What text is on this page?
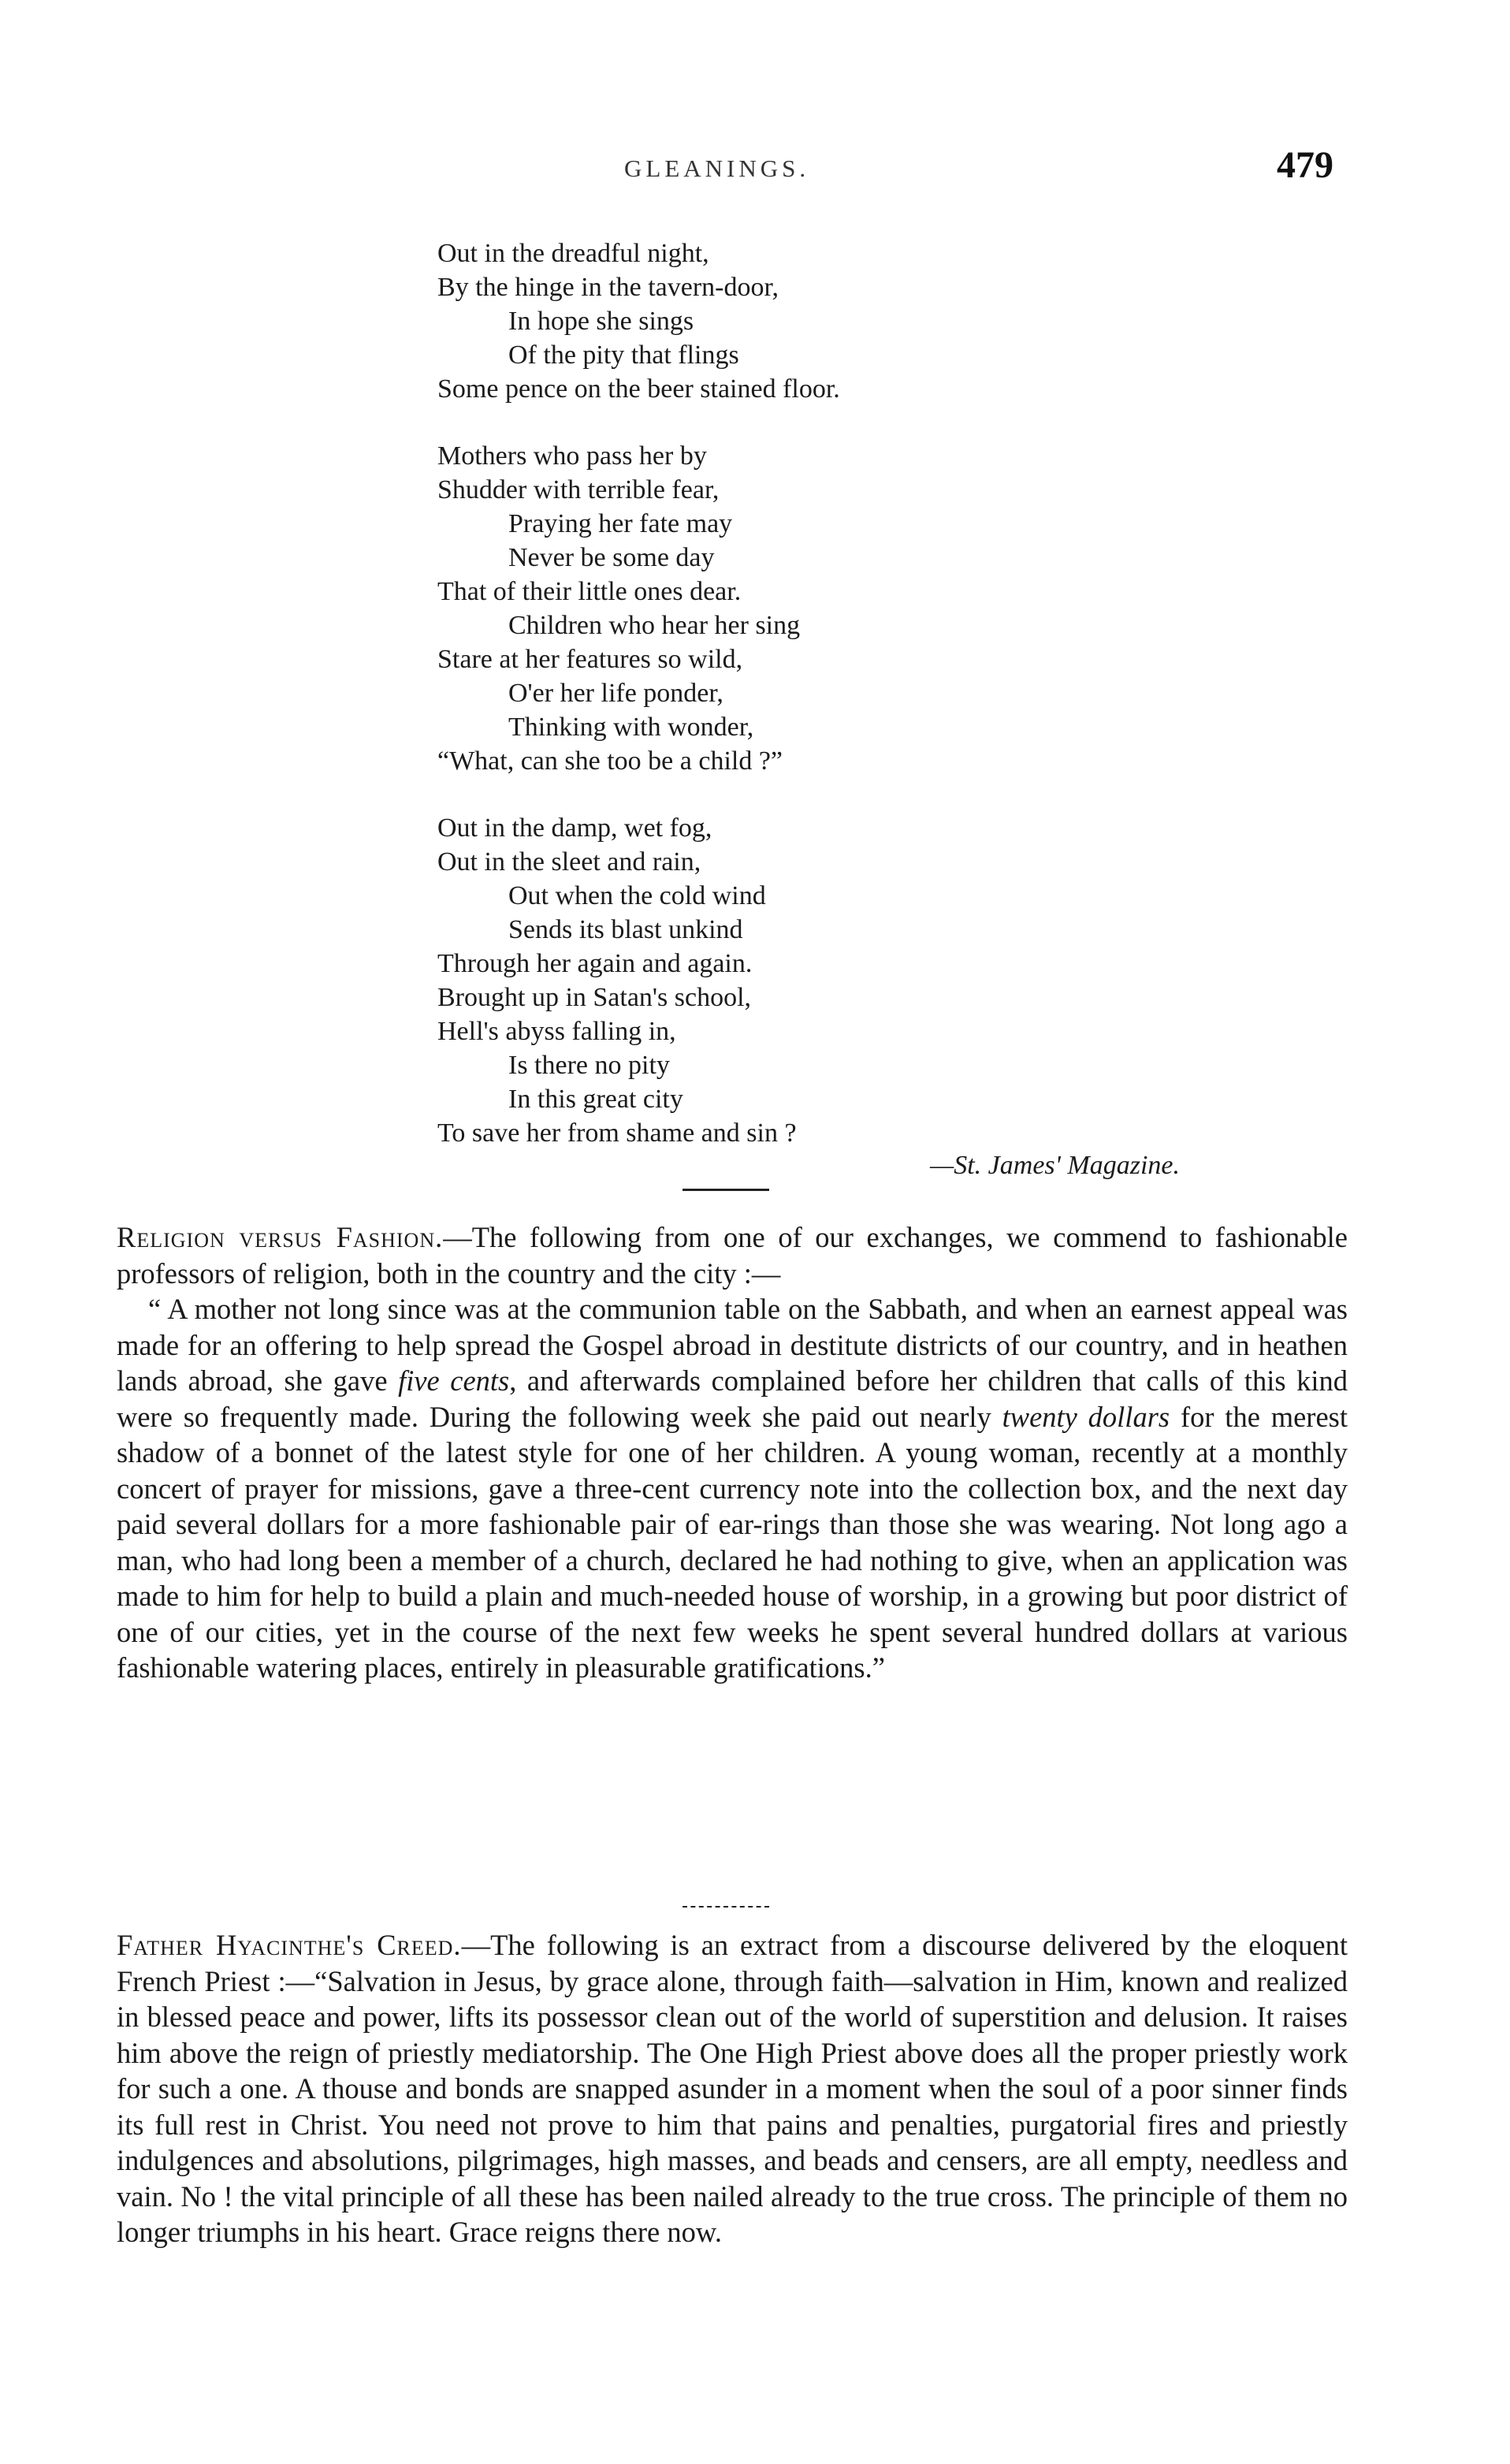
GLEANINGS.	479
Out in the dreadful night,
By the hinge in the tavern-door,
In hope she sings
Of the pity that flings
Some pence on the beer stained floor.
Mothers who pass her by
Shudder with terrible fear,
Praying her fate may
Never be some day
That of their little ones dear.
Children who hear her sing
Stare at her features so wild,
O'er her life ponder,
Thinking with wonder,
“What, can she too be a child ?”
Out in the damp, wet fog,
Out in the sleet and rain,
Out when the cold wind
Sends its blast unkind
Through her again and again.
Brought up in Satan's school,
Hell's abyss falling in,
Is there no pity
In this great city
To save her from shame and sin ?
—St. James' Magazine.

Religion versus Fashion.—The following from one of our exchanges, we commend to fashionable professors of religion, both in the country and the city :—

“ A mother not long since was at the communion table on the Sabbath, and when an earnest appeal was made for an offering to help spread the Gospel abroad in destitute districts of our country, and in heathen lands abroad, she gave five cents, and afterwards complained before her children that calls of this kind were so frequently made. During the following week she paid out nearly twenty dollars for the merest shadow of a bonnet of the latest style for one of her children. A young woman, recently at a monthly concert of prayer for missions, gave a three-cent currency note into the collection box, and the next day paid several dollars for a more fashionable pair of ear-rings than those she was wearing. Not long ago a man, who had long been a member of a church, declared he had nothing to give, when an application was made to him for help to build a plain and much-needed house of worship, in a growing but poor district of one of our cities, yet in the course of the next few weeks he spent several hundred dollars at various fashionable watering places, entirely in pleasurable gratifications.”

Father Hyacinthe's Creed.—The following is an extract from a discourse delivered by the eloquent French Priest :—“Salvation in Jesus, by grace alone, through faith—salvation in Him, known and realized in blessed peace and power, lifts its possessor clean out of the world of superstition and delusion. It raises him above the reign of priestly mediatorship. The One High Priest above does all the proper priestly work for such a one. A thouse and bonds are snapped asunder in a moment when the soul of a poor sinner finds its full rest in Christ. You need not prove to him that pains and penalties, purgatorial fires and priestly indulgences and absolutions, pilgrimages, high masses, and beads and censers, are all empty, needless and vain. No ! the vital principle of all these has been nailed already to the true cross. The principle of them no longer triumphs in his heart. Grace reigns there now.
